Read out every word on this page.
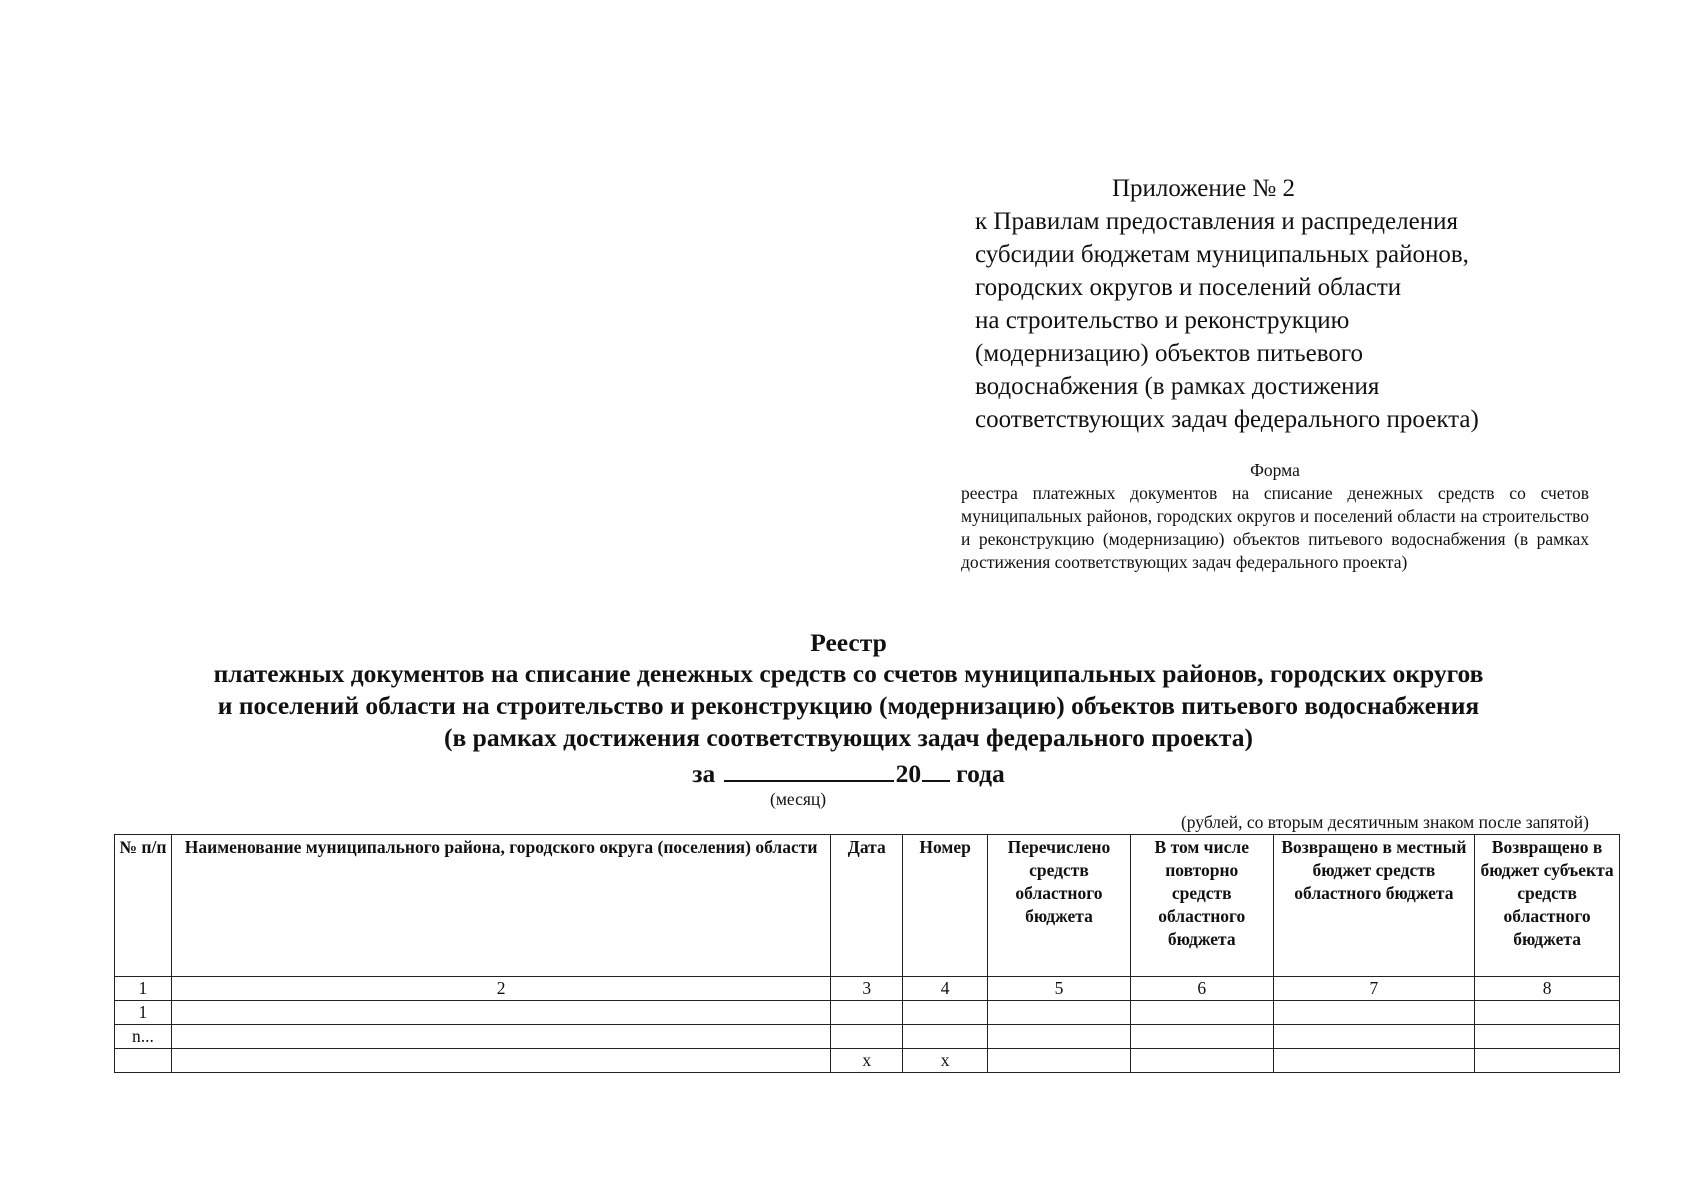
Приложение № 2
к Правилам предоставления и распределения
субсидии бюджетам муниципальных районов,
городских округов и поселений области
на строительство и реконструкцию
(модернизацию) объектов питьевого
водоснабжения (в рамках достижения
соответствующих задач федерального проекта)
Форма
реестра платежных документов на списание денежных средств со счетов муниципальных районов, городских округов и поселений области на строительство и реконструкцию (модернизацию) объектов питьевого водоснабжения (в рамках достижения соответствующих задач федерального проекта)
Реестр
платежных документов на списание денежных средств со счетов муниципальных районов, городских округов
и поселений области на строительство и реконструкцию (модернизацию) объектов питьевого водоснабжения
(в рамках достижения соответствующих задач федерального проекта)
за	20 года
(месяц)
(рублей, со вторым десятичным знаком после запятой)
№ п/п	Наименование муниципального района, городского округа (поселения) области	Дата	Номер	Перечислено средств областного бюджета	В том числе повторно средств областного бюджета	Возвращено в местный бюджет средств областного бюджета	Возвращено в бюджет субъекта средств областного бюджета
1	2	3	4	5	6	7	8
1							
n...							
		x	x				
